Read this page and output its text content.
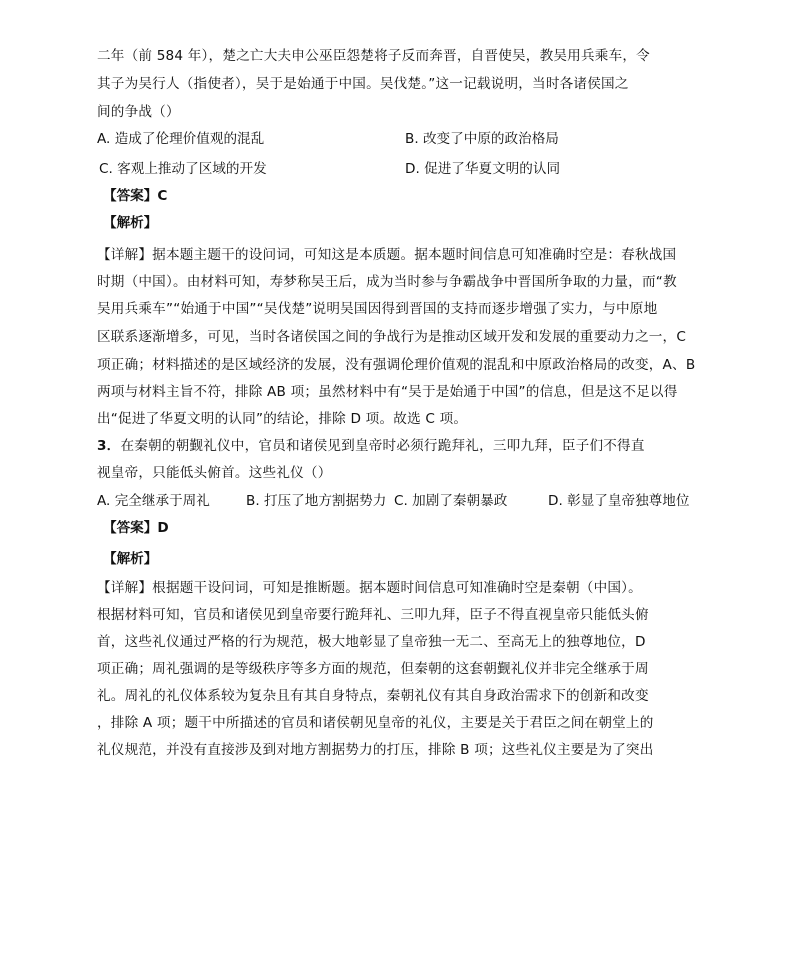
二年（前 584 年），楚之亡大夫申公巫臣怨楚将子反而奔晋，自晋使吴，教吴用兵乘车，令
其子为吴行人（指使者），吴于是始通于中国。吴伐楚。”这一记载说明，当时各诸侯国之
间的争战（）
A. 造成了伦理价值观的混乱	B. 改变了中原的政治格局
C. 客观上推动了区域的开发	D. 促进了华夏文明的认同
【答案】C
【解析】
【详解】据本题主题干的设问词，可知这是本质题。据本题时间信息可知准确时空是：春秋战国
时期（中国）。由材料可知，寿梦称吴王后，成为当时参与争霸战争中晋国所争取的力量，而“教
吴用兵乘车”“始通于中国”“吴伐楚”说明吴国因得到晋国的支持而逐步增强了实力，与中原地
区联系逐渐增多，可见，当时各诸侯国之间的争战行为是推动区域开发和发展的重要动力之一，C
项正确；材料描述的是区域经济的发展，没有强调伦理价值观的混乱和中原政治格局的改变，A、B
两项与材料主旨不符，排除 AB 项；虽然材料中有“吴于是始通于中国”的信息，但是这不足以得
出“促进了华夏文明的认同”的结论，排除 D 项。故选 C 项。
3．在秦朝的朝觐礼仪中，官员和诸侯见到皇帝时必须行跪拜礼，三叩九拜，臣子们不得直
视皇帝，只能低头俯首。这些礼仪（）
A. 完全继承于周礼	B. 打压了地方割据势力 C. 加剧了秦朝暴政	D. 彰显了皇帝独尊地位
【答案】D
【解析】
【详解】根据题干设问词，可知是推断题。据本题时间信息可知准确时空是秦朝（中国）。
根据材料可知，官员和诸侯见到皇帝要行跪拜礼、三叩九拜，臣子不得直视皇帝只能低头俯
首，这些礼仪通过严格的行为规范，极大地彰显了皇帝独一无二、至高无上的独尊地位，D
项正确；周礼强调的是等级秩序等多方面的规范，但秦朝的这套朝觐礼仪并非完全继承于周
礼。周礼的礼仪体系较为复杂且有其自身特点，秦朝礼仪有其自身政治需求下的创新和改变
，排除 A 项；题干中所描述的官员和诸侯朝见皇帝的礼仪，主要是关于君臣之间在朝堂上的
礼仪规范，并没有直接涉及到对地方割据势力的打压，排除 B 项；这些礼仪主要是为了突出
